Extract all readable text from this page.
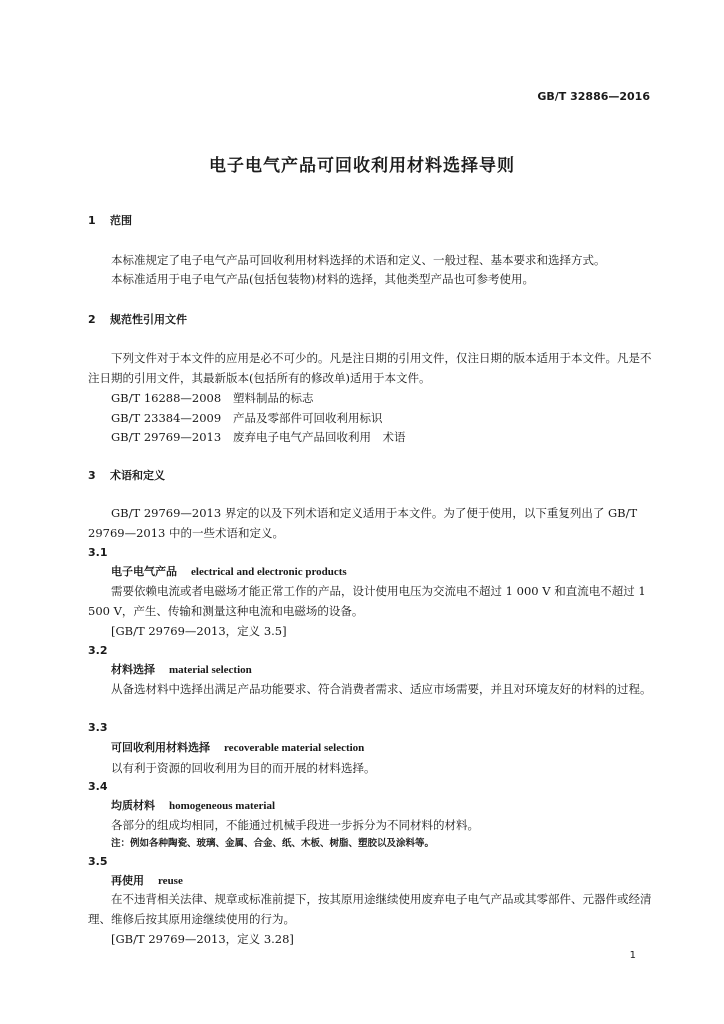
GB/T 32886—2016
电子电气产品可回收利用材料选择导则
1 范围
本标准规定了电子电气产品可回收利用材料选择的术语和定义、一般过程、基本要求和选择方式。
本标准适用于电子电气产品(包括包装物)材料的选择，其他类型产品也可参考使用。
2 规范性引用文件
下列文件对于本文件的应用是必不可少的。凡是注日期的引用文件，仅注日期的版本适用于本文件。凡是不注日期的引用文件，其最新版本(包括所有的修改单)适用于本文件。
GB/T 16288—2008 塑料制品的标志
GB/T 23384—2009 产品及零部件可回收利用标识
GB/T 29769—2013 废弃电子电气产品回收利用　术语
3 术语和定义
GB/T 29769—2013 界定的以及下列术语和定义适用于本文件。为了便于使用，以下重复列出了 GB/T 29769—2013 中的一些术语和定义。
3.1
电子电气产品 electrical and electronic products
需要依赖电流或者电磁场才能正常工作的产品，设计使用电压为交流电不超过 1 000 V 和直流电不超过 1 500 V，产生、传输和测量这种电流和电磁场的设备。
[GB/T 29769—2013，定义 3.5]
3.2
材料选择 material selection
从备选材料中选择出满足产品功能要求、符合消费者需求、适应市场需要，并且对环境友好的材料的过程。
3.3
可回收利用材料选择 recoverable material selection
以有利于资源的回收利用为目的而开展的材料选择。
3.4
均质材料 homogeneous material
各部分的组成均相同，不能通过机械手段进一步拆分为不同材料的材料。
注：例如各种陶瓷、玻璃、金属、合金、纸、木板、树脂、塑胶以及涂料等。
3.5
再使用 reuse
在不违背相关法律、规章或标准前提下，按其原用途继续使用废弃电子电气产品或其零部件、元器件或经清理、维修后按其原用途继续使用的行为。
[GB/T 29769—2013，定义 3.28]
1
